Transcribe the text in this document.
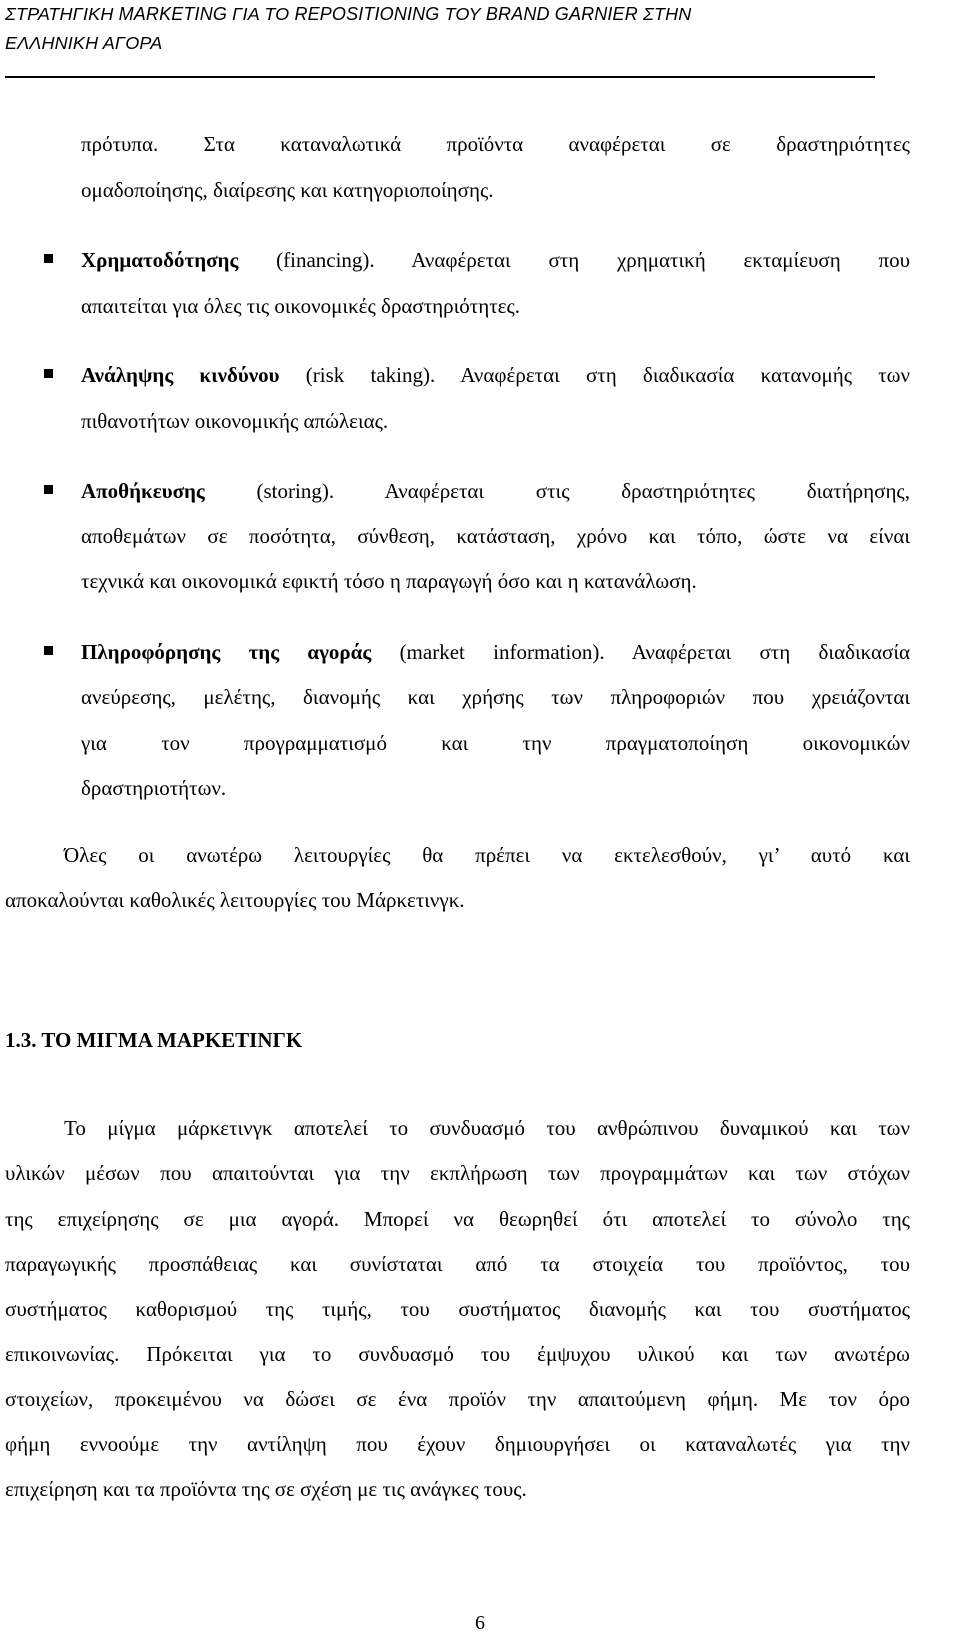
ΣΤΡΑΤΗΓΙΚΗ MARKETING ΓΙΑ ΤΟ REPOSITIONING ΤΟΥ BRAND GARNIER ΣΤΗΝ
ΕΛΛΗΝΙΚΗ ΑΓΟΡΑ
πρότυπα. Στα καταναλωτικά προϊόντα αναφέρεται σε δραστηριότητες
ομαδοποίησης, διαίρεσης και κατηγοριοποίησης.
Χρηματοδότησης (financing). Αναφέρεται στη χρηματική εκταμίευση που
απαιτείται για όλες τις οικονομικές δραστηριότητες.
Ανάληψης κινδύνου (risk taking). Αναφέρεται στη διαδικασία κατανομής των
πιθανοτήτων οικονομικής απώλειας.
Αποθήκευσης (storing). Αναφέρεται στις δραστηριότητες διατήρησης,
αποθεμάτων σε ποσότητα, σύνθεση, κατάσταση, χρόνο και τόπο, ώστε να είναι
τεχνικά και οικονομικά εφικτή τόσο η παραγωγή όσο και η κατανάλωση.
Πληροφόρησης της αγοράς (market information). Αναφέρεται στη διαδικασία
ανεύρεσης, μελέτης, διανομής και χρήσης των πληροφοριών που χρειάζονται
για τον προγραμματισμό και την πραγματοποίηση οικονομικών
δραστηριοτήτων.
Όλες οι ανωτέρω λειτουργίες θα πρέπει να εκτελεσθούν, γι’ αυτό και
αποκαλούνται καθολικές λειτουργίες του Μάρκετινγκ.
1.3. ΤΟ ΜΙΓΜΑ ΜΑΡΚΕΤΙΝΓΚ
Το μίγμα μάρκετινγκ αποτελεί το συνδυασμό του ανθρώπινου δυναμικού και των
υλικών μέσων που απαιτούνται για την εκπλήρωση των προγραμμάτων και των στόχων
της επιχείρησης σε μια αγορά. Μπορεί να θεωρηθεί ότι αποτελεί το σύνολο της
παραγωγικής προσπάθειας και συνίσταται από τα στοιχεία του προϊόντος, του
συστήματος καθορισμού της τιμής, του συστήματος διανομής και του συστήματος
επικοινωνίας. Πρόκειται για το συνδυασμό του έμψυχου υλικού και των ανωτέρω
στοιχείων, προκειμένου να δώσει σε ένα προϊόν την απαιτούμενη φήμη. Με τον όρο
φήμη εννοούμε την αντίληψη που έχουν δημιουργήσει οι καταναλωτές για την
επιχείρηση και τα προϊόντα της σε σχέση με τις ανάγκες τους.
6
